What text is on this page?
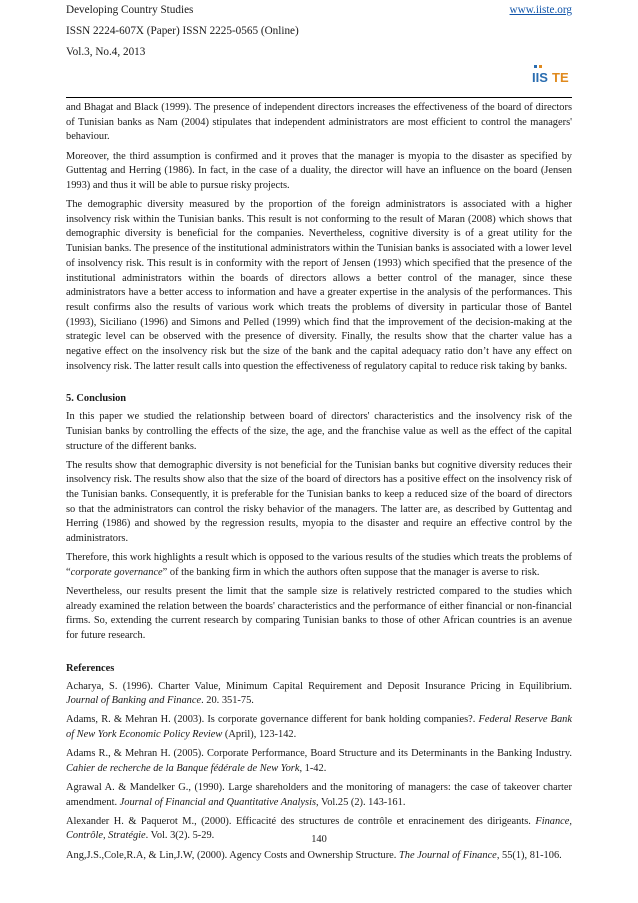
Developing Country Studies	www.iiste.org
ISSN 2224-607X (Paper) ISSN 2225-0565 (Online)
Vol.3, No.4, 2013
IIS TE

and Bhagat and Black (1999). The presence of independent directors increases the effectiveness of the board of directors of Tunisian banks as Nam (2004) stipulates that independent administrators are most efficient to control the managers' behaviour.

Moreover, the third assumption is confirmed and it proves that the manager is myopia to the disaster as specified by Guttentag and Herring (1986). In fact, in the case of a duality, the director will have an influence on the board (Jensen 1993) and thus it will be able to pursue risky projects.

The demographic diversity measured by the proportion of the foreign administrators is associated with a higher insolvency risk within the Tunisian banks. This result is not conforming to the result of Maran (2008) which shows that demographic diversity is beneficial for the companies. Nevertheless, cognitive diversity is of a great utility for the Tunisian banks. The presence of the institutional administrators within the Tunisian banks is associated with a lower level of insolvency risk. This result is in conformity with the report of Jensen (1993) which specified that the presence of the institutional administrators within the boards of directors allows a better control of the manager, since these administrators have a better access to information and have a greater expertise in the analysis of the performances. This result confirms also the results of various work which treats the problems of diversity in particular those of Bantel (1993), Siciliano (1996) and Simons and Pelled (1999) which find that the improvement of the decision-making at the strategic level can be observed with the presence of diversity. Finally, the results show that the charter value has a negative effect on the insolvency risk but the size of the bank and the capital adequacy ratio don’t have any effect on insolvency risk. The latter result calls into question the effectiveness of regulatory capital to reduce risk taking by banks.

5. Conclusion

In this paper we studied the relationship between board of directors' characteristics and the insolvency risk of the Tunisian banks by controlling the effects of the size, the age, and the franchise value as well as the effect of the capital structure of the different banks.

The results show that demographic diversity is not beneficial for the Tunisian banks but cognitive diversity reduces their insolvency risk. The results show also that the size of the board of directors has a positive effect on the insolvency risk of the Tunisian banks. Consequently, it is preferable for the Tunisian banks to keep a reduced size of the board of directors so that the administrators can control the risky behavior of the managers. The latter are, as described by Guttentag and Herring (1986) and showed by the regression results, myopia to the disaster and require an effective control by the administrators.

Therefore, this work highlights a result which is opposed to the various results of the studies which treats the problems of “corporate governance” of the banking firm in which the authors often suppose that the manager is averse to risk.

Nevertheless, our results present the limit that the sample size is relatively restricted compared to the studies which already examined the relation between the boards' characteristics and the performance of either financial or non-financial firms. So, extending the current research by comparing Tunisian banks to those of other African countries is an avenue for future research.

References
Acharya, S. (1996). Charter Value, Minimum Capital Requirement and Deposit Insurance Pricing in Equilibrium. Journal of Banking and Finance. 20. 351-75.
Adams, R. & Mehran H. (2003). Is corporate governance different for bank holding companies?. Federal Reserve Bank of New York Economic Policy Review (April), 123-142.
Adams R., & Mehran H. (2005). Corporate Performance, Board Structure and its Determinants in the Banking Industry. Cahier de recherche de la Banque fédérale de New York, 1-42.
Agrawal A. & Mandelker G., (1990). Large shareholders and the monitoring of managers: the case of takeover charter amendment. Journal of Financial and Quantitative Analysis, Vol.25 (2). 143-161.
Alexander H. & Paquerot M., (2000). Efficacité des structures de contrôle et enracinement des dirigeants. Finance, Contrôle, Stratégie. Vol. 3(2). 5-29.
Ang,J.S.,Cole,R.A, & Lin,J.W, (2000). Agency Costs and Ownership Structure. The Journal of Finance, 55(1), 81-106.
140
